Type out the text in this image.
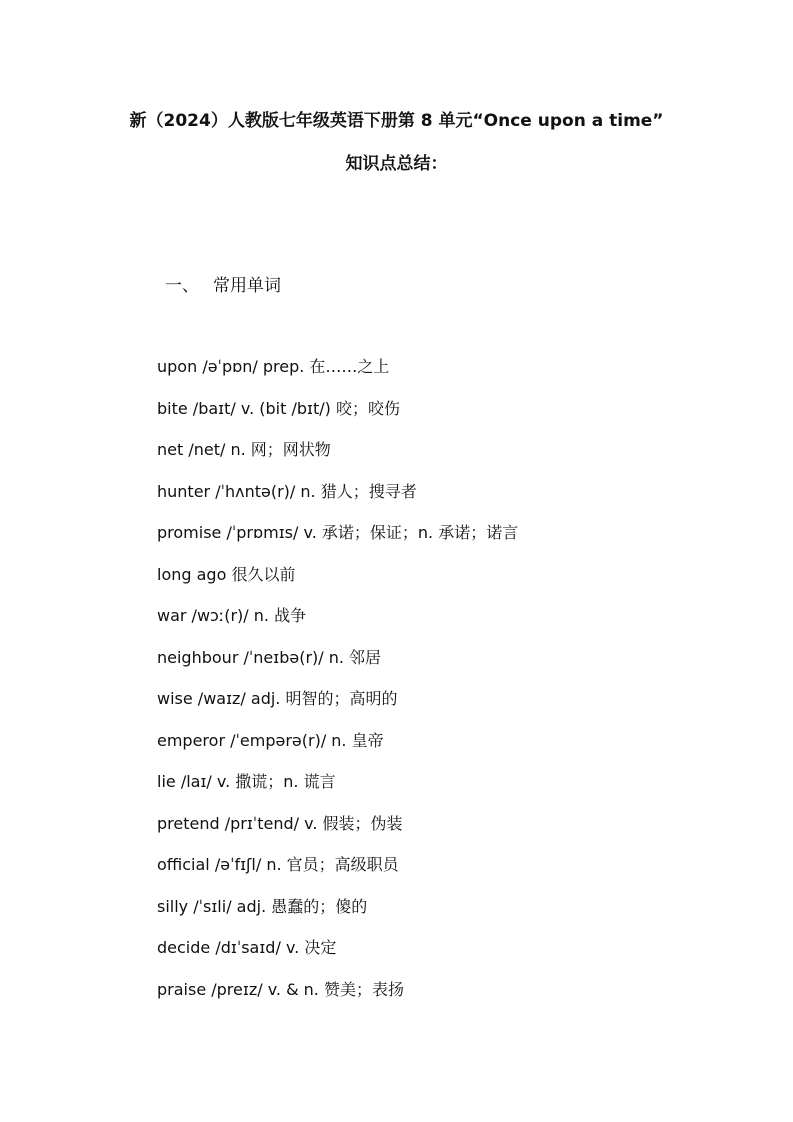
新（2024）人教版七年级英语下册第 8 单元“Once upon a time”
知识点总结：
一、 常用单词
upon /əˈpɒn/ prep. 在……之上
bite /baɪt/ v. (bit /bɪt/) 咬；咬伤
net /net/ n. 网；网状物
hunter /ˈhʌntə(r)/ n. 猎人；搜寻者
promise /ˈprɒmɪs/ v. 承诺；保证；n. 承诺；诺言
long ago 很久以前
war /wɔː(r)/ n. 战争
neighbour /ˈneɪbə(r)/ n. 邻居
wise /waɪz/ adj. 明智的；高明的
emperor /ˈempərə(r)/ n. 皇帝
lie /laɪ/ v. 撒谎；n. 谎言
pretend /prɪˈtend/ v. 假装；伪装
official /əˈfɪʃl/ n. 官员；高级职员
silly /ˈsɪli/ adj. 愚蠢的；傻的
decide /dɪˈsaɪd/ v. 决定
praise /preɪz/ v. & n. 赞美；表扬
